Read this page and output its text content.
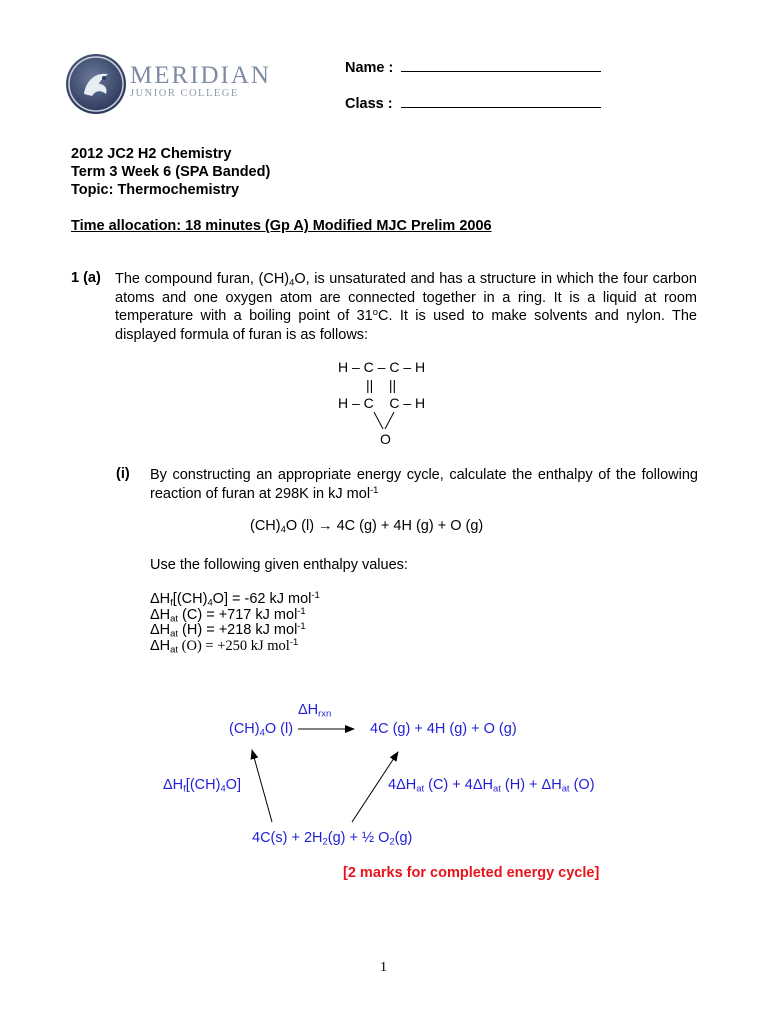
MERIDIAN
JUNIOR COLLEGE
Name :
Class :
2012 JC2 H2 Chemistry
Term 3 Week 6 (SPA Banded)
Topic: Thermochemistry
Time allocation: 18 minutes (Gp A) Modified MJC Prelim 2006
1 (a) The compound furan, $(CH)_4O$, is unsaturated and has a structure in which the four carbon atoms and one oxygen atom are connected together in a ring. It is a liquid at room temperature with a boiling point of 31$^o$C. It is used to make solvents and nylon. The displayed formula of furan is as follows:

H – C – C – H

||    ||

H – C    C – H

O

(i) By constructing an appropriate energy cycle, calculate the enthalpy of the following reaction of furan at 298K in kJ mol$^{-1}$
$(CH)_4O$ (l) → 4C (g) + 4H (g) + O (g)
Use the following given enthalpy values:
$\Delta H_f[(CH)_4O] = -62$ kJ mol$^{-1}$
$\Delta H_{at}$ (C) = +717 kJ mol$^{-1}$
$\Delta H_{at}$ (H) = +218 kJ mol$^{-1}$
$\Delta H_{at}$ (O) = +250 kJ mol$^{-1}$
$\Delta H_{rxn}$
$(CH)_4O$ (l)	4C (g) + 4H (g) + O (g)
$\Delta H_f[(CH)_4O]$	$4\Delta H_{at}$ $(C) + 4\Delta H_{at}$ $(H) + \Delta H_{at}$ (O)
$4C(s) + 2H_2(g)$ + ½ $O_2(g)$
[2 marks for completed energy cycle]
1
